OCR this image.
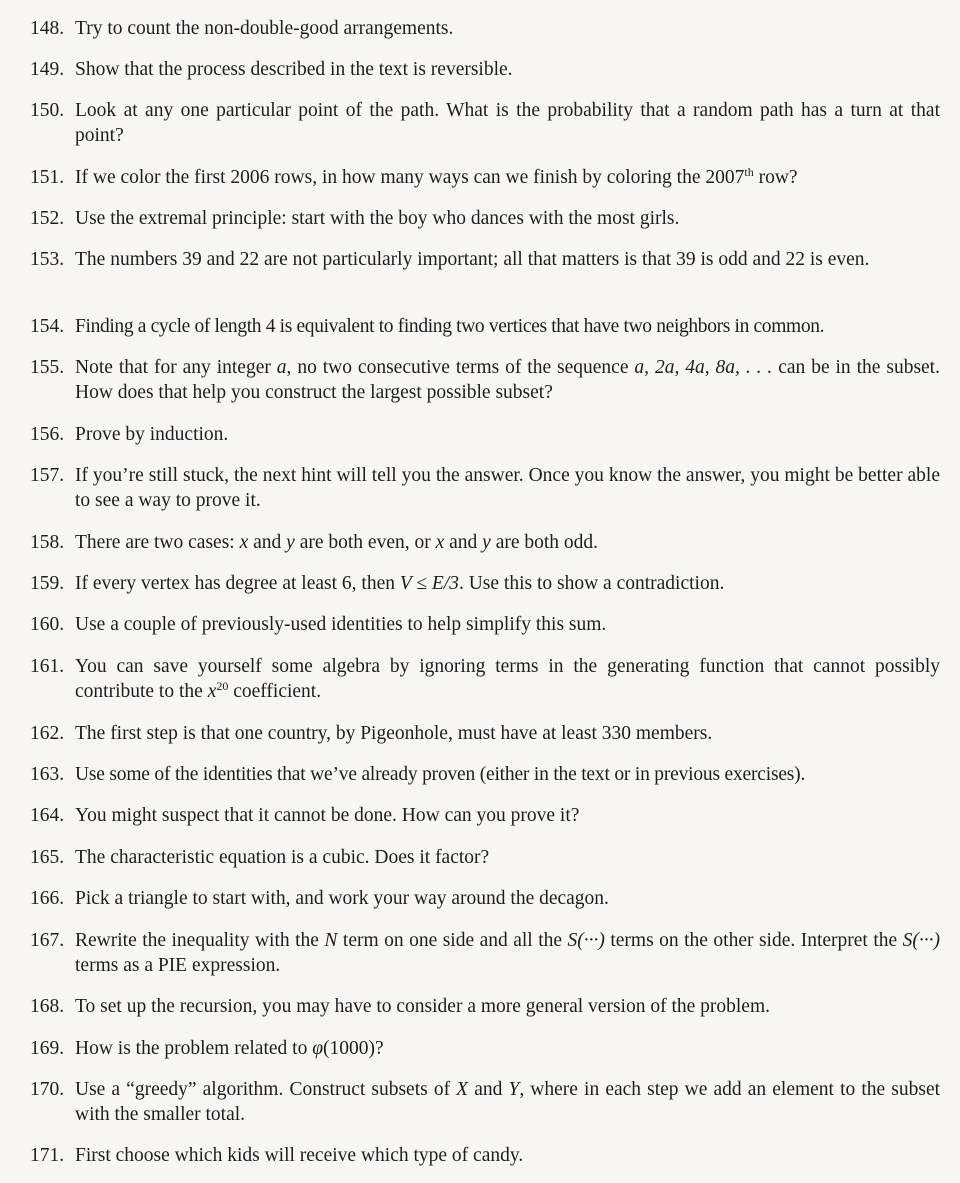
148. Try to count the non-double-good arrangements.
149. Show that the process described in the text is reversible.
150. Look at any one particular point of the path. What is the probability that a random path has a turn at that point?
151. If we color the first 2006 rows, in how many ways can we finish by coloring the 2007th row?
152. Use the extremal principle: start with the boy who dances with the most girls.
153. The numbers 39 and 22 are not particularly important; all that matters is that 39 is odd and 22 is even.
154. Finding a cycle of length 4 is equivalent to finding two vertices that have two neighbors in common.
155. Note that for any integer a, no two consecutive terms of the sequence a, 2a, 4a, 8a, . . . can be in the subset. How does that help you construct the largest possible subset?
156. Prove by induction.
157. If you’re still stuck, the next hint will tell you the answer. Once you know the answer, you might be better able to see a way to prove it.
158. There are two cases: x and y are both even, or x and y are both odd.
159. If every vertex has degree at least 6, then V ≤ E/3. Use this to show a contradiction.
160. Use a couple of previously-used identities to help simplify this sum.
161. You can save yourself some algebra by ignoring terms in the generating function that cannot possibly contribute to the $x^{20}$ coefficient.
162. The first step is that one country, by Pigeonhole, must have at least 330 members.
163. Use some of the identities that we’ve already proven (either in the text or in previous exercises).
164. You might suspect that it cannot be done. How can you prove it?
165. The characteristic equation is a cubic. Does it factor?
166. Pick a triangle to start with, and work your way around the decagon.
167. Rewrite the inequality with the N term on one side and all the S(···) terms on the other side. Interpret the S(···) terms as a PIE expression.
168. To set up the recursion, you may have to consider a more general version of the problem.
169. How is the problem related to φ(1000)?
170. Use a “greedy” algorithm. Construct subsets of X and Y, where in each step we add an element to the subset with the smaller total.
171. First choose which kids will receive which type of candy.
